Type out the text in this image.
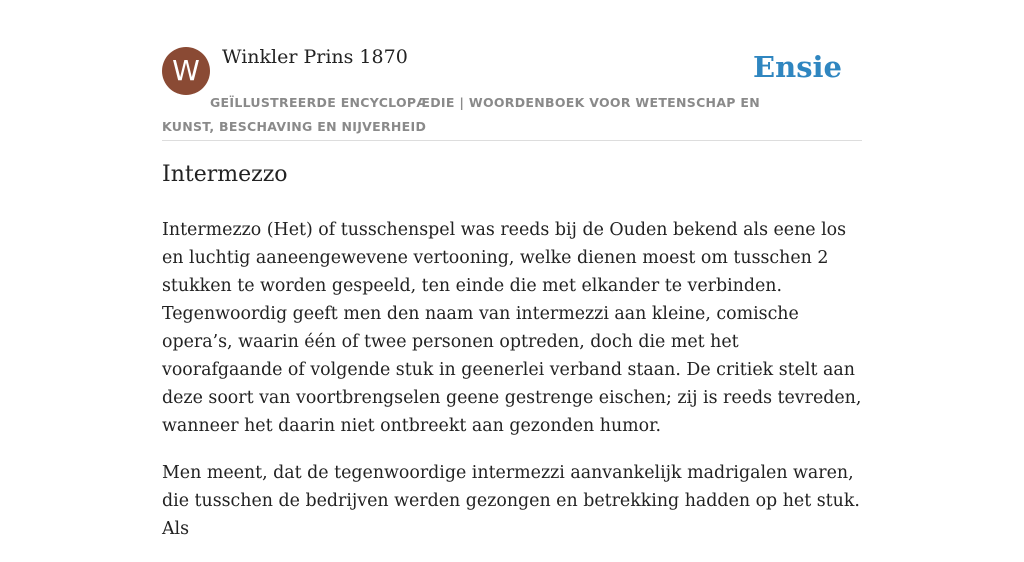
W	Winkler Prins 1870
GEÏLLUSTREERDE ENCYCLOPÆDIE | WOORDENBOEK VOOR WETENSCHAP EN KUNST, BESCHAVING EN NIJVERHEID
Ensie
Intermezzo

Intermezzo (Het) of tusschenspel was reeds bij de Ouden bekend als eene los en luchtig aaneengewevene vertooning, welke dienen moest om tusschen 2 stukken te worden gespeeld, ten einde die met elkander te verbinden. Tegenwoordig geeft men den naam van intermezzi aan kleine, comische opera’s, waarin één of twee personen optreden, doch die met het voorafgaande of volgende stuk in geenerlei verband staan. De critiek stelt aan deze soort van voortbrengselen geene gestrenge eischen; zij is reeds tevreden, wanneer het daarin niet ontbreekt aan gezonden humor.

Men meent, dat de tegenwoordige intermezzi aanvankelijk madrigalen waren, die tusschen de bedrijven werden gezongen en betrekking hadden op het stuk. Als
